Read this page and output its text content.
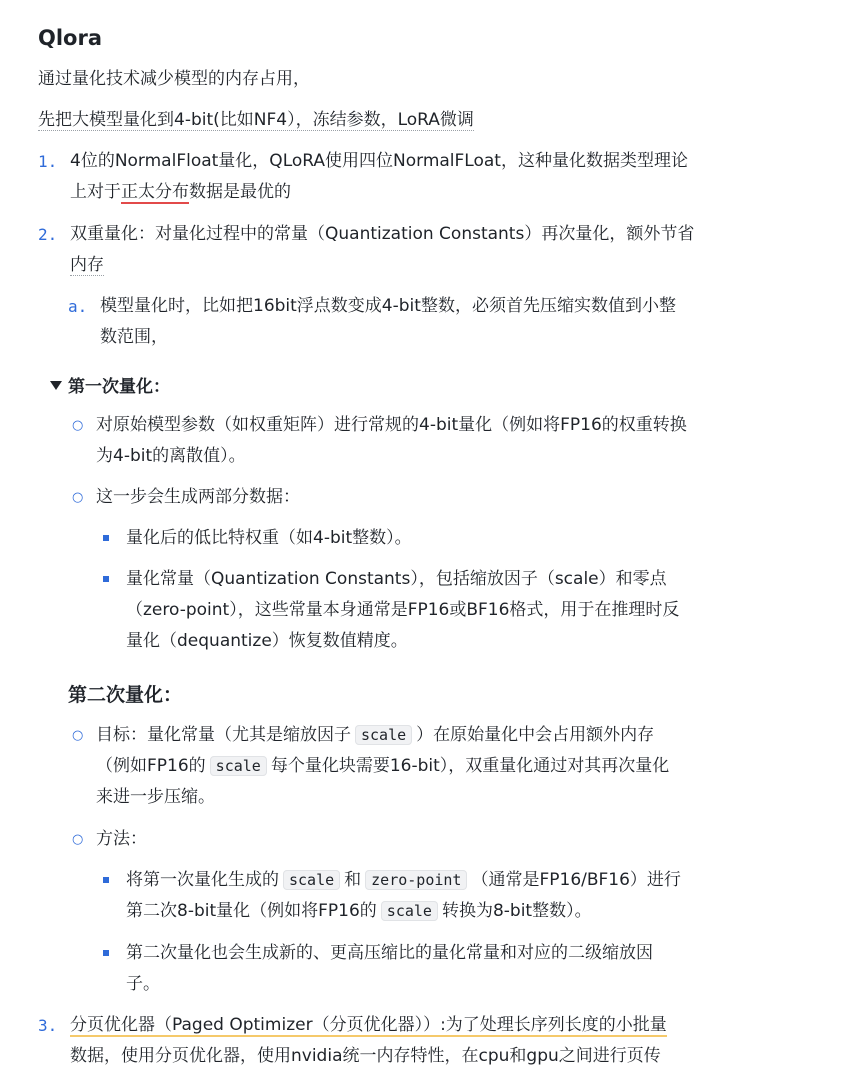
Qlora
通过量化技术减少模型的内存占用，
先把大模型量化到4-bit(比如NF4），冻结参数，LoRA微调
1. 4位的NormalFloat量化，QLoRA使用四位NormalFLoat，这种量化数据类型理论
上对于正太分布数据是最优的
2. 双重量化：对量化过程中的常量（Quantization Constants）再次量化，额外节省
内存
a. 模型量化时，比如把16bit浮点数变成4-bit整数，必须首先压缩实数值到小整
数范围，
第一次量化：
○ 对原始模型参数（如权重矩阵）进行常规的4-bit量化（例如将FP16的权重转换
为4-bit的离散值）。
○ 这一步会生成两部分数据：
量化后的低比特权重（如4-bit整数）。
量化常量（Quantization Constants），包括缩放因子（scale）和零点
（zero-point），这些常量本身通常是FP16或BF16格式，用于在推理时反
量化（dequantize）恢复数值精度。
第二次量化：
○ 目标：量化常量（尤其是缩放因子 scale ）在原始量化中会占用额外内存
（例如FP16的 scale 每个量化块需要16-bit），双重量化通过对其再次量化
来进一步压缩。
○ 方法：
将第一次量化生成的 scale 和 zero-point （通常是FP16/BF16）进行
第二次8-bit量化（例如将FP16的 scale 转换为8-bit整数）。
第二次量化也会生成新的、更高压缩比的量化常量和对应的二级缩放因
子。
3. 分页优化器（Paged Optimizer（分页优化器））:为了处理长序列长度的小批量
数据，使用分页优化器，使用nvidia统一内存特性，在cpu和gpu之间进行页传
